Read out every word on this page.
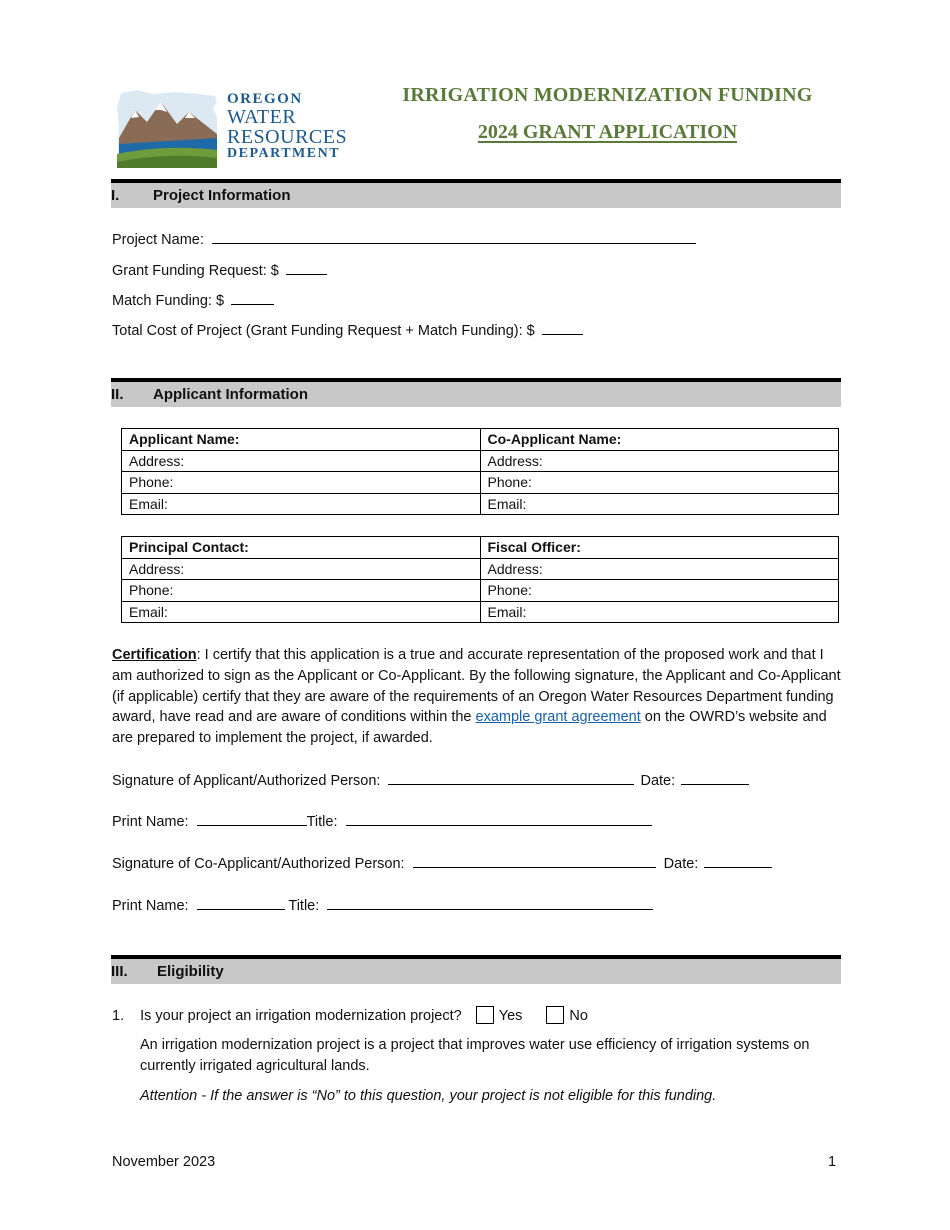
OREGON
WATER
RESOURCES
DEPARTMENT
IRRIGATION MODERNIZATION FUNDING
2024 GRANT APPLICATION
I. Project Information
Project Name:
Grant Funding Request: $
Match Funding: $
Total Cost of Project (Grant Funding Request + Match Funding): $
II. Applicant Information
Applicant Name:	Co-Applicant Name:
Address:	Address:
Phone:	Phone:
Email:	Email:
Principal Contact:	Fiscal Officer:
Address:	Address:
Phone:	Phone:
Email:	Email:
Certification: I certify that this application is a true and accurate representation of the proposed work and that I am authorized to sign as the Applicant or Co-Applicant. By the following signature, the Applicant and Co-Applicant (if applicable) certify that they are aware of the requirements of an Oregon Water Resources Department funding award, have read and are aware of conditions within the example grant agreement on the OWRD’s website and are prepared to implement the project, if awarded.
Signature of Applicant/Authorized Person:	Date:
Print Name:	Title:
Signature of Co-Applicant/Authorized Person:	Date:
Print Name:	Title:
III. Eligibility
1. Is your project an irrigation modernization project?	Yes	No
An irrigation modernization project is a project that improves water use efficiency of irrigation systems on currently irrigated agricultural lands.
Attention - If the answer is “No” to this question, your project is not eligible for this funding.
November 2023	1
